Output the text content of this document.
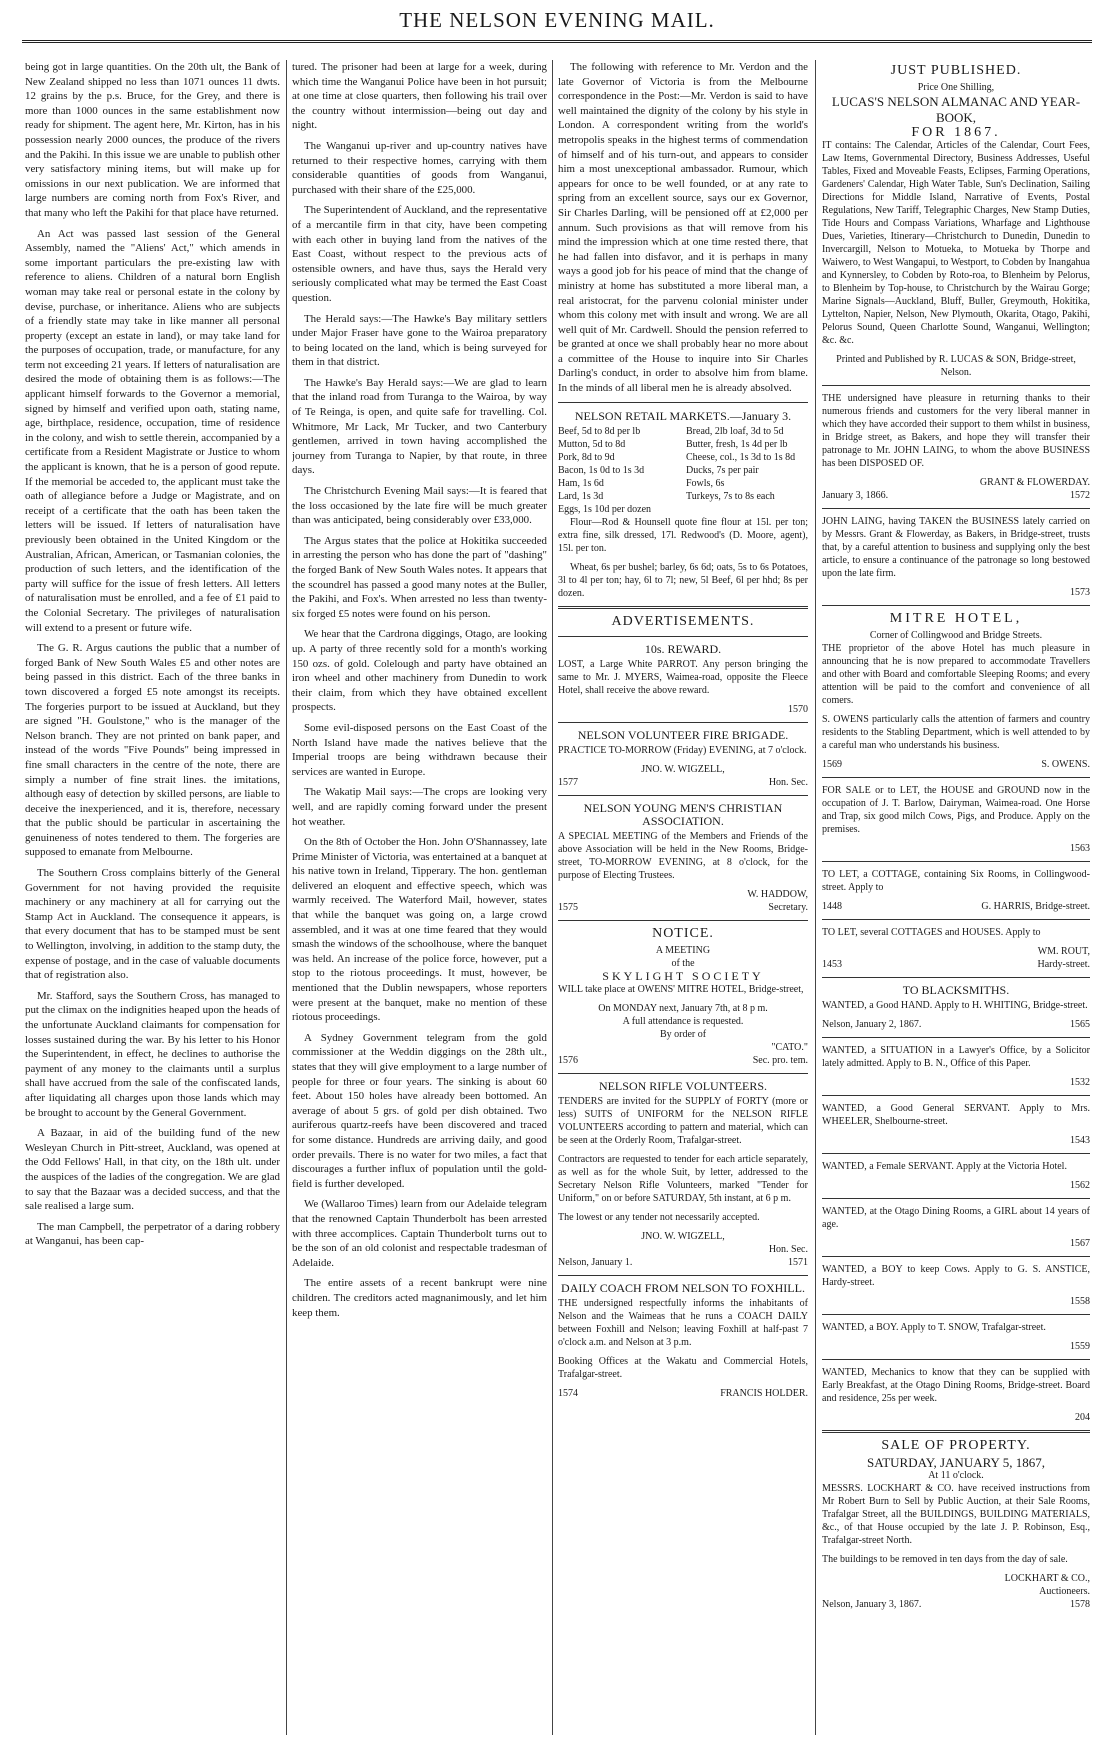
THE NELSON EVENING MAIL.

being got in large quantities. On the 20th ult, the Bank of New Zealand shipped no less than 1071 ounces 11 dwts. 12 grains by the p.s. Bruce, for the Grey, and there is more than 1000 ounces in the same establishment now ready for shipment. The agent here, Mr. Kirton, has in his possession nearly 2000 ounces, the produce of the rivers and the Pakihi. In this issue we are unable to publish other very satisfactory mining items, but will make up for omissions in our next publication. We are informed that large numbers are coming north from Fox's River, and that many who left the Pakihi for that place have returned.

An Act was passed last session of the General Assembly, named the "Aliens' Act," which amends in some important particulars the pre-existing law with reference to aliens. Children of a natural born English woman may take real or personal estate in the colony by devise, purchase, or inheritance. Aliens who are subjects of a friendly state may take in like manner all personal property (except an estate in land), or may take land for the purposes of occupation, trade, or manufacture, for any term not exceeding 21 years. If letters of naturalisation are desired the mode of obtaining them is as follows:—The applicant himself forwards to the Governor a memorial, signed by himself and verified upon oath, stating name, age, birthplace, residence, occupation, time of residence in the colony, and wish to settle therein, accompanied by a certificate from a Resident Magistrate or Justice to whom the applicant is known, that he is a person of good repute. If the memorial be acceded to, the applicant must take the oath of allegiance before a Judge or Magistrate, and on receipt of a certificate that the oath has been taken the letters will be issued. If letters of naturalisation have previously been obtained in the United Kingdom or the Australian, African, American, or Tasmanian colonies, the production of such letters, and the identification of the party will suffice for the issue of fresh letters. All letters of naturalisation must be enrolled, and a fee of £1 paid to the Colonial Secretary. The privileges of naturalisation will extend to a present or future wife.

The G. R. Argus cautions the public that a number of forged Bank of New South Wales £5 and other notes are being passed in this district. Each of the three banks in town discovered a forged £5 note amongst its receipts. The forgeries purport to be issued at Auckland, but they are signed "H. Goulstone," who is the manager of the Nelson branch. They are not printed on bank paper, and instead of the words "Five Pounds" being impressed in fine small characters in the centre of the note, there are simply a number of fine strait lines. the imitations, although easy of detection by skilled persons, are liable to deceive the inexperienced, and it is, therefore, necessary that the public should be particular in ascertaining the genuineness of notes tendered to them. The forgeries are supposed to emanate from Melbourne.

The Southern Cross complains bitterly of the General Government for not having provided the requisite machinery or any machinery at all for carrying out the Stamp Act in Auckland. The consequence it appears, is that every document that has to be stamped must be sent to Wellington, involving, in addition to the stamp duty, the expense of postage, and in the case of valuable documents that of registration also.

Mr. Stafford, says the Southern Cross, has managed to put the climax on the indignities heaped upon the heads of the unfortunate Auckland claimants for compensation for losses sustained during the war. By his letter to his Honor the Superintendent, in effect, he declines to authorise the payment of any money to the claimants until a surplus shall have accrued from the sale of the confiscated lands, after liquidating all charges upon those lands which may be brought to account by the General Government.

A Bazaar, in aid of the building fund of the new Wesleyan Church in Pitt-street, Auckland, was opened at the Odd Fellows' Hall, in that city, on the 18th ult. under the auspices of the ladies of the congregation. We are glad to say that the Bazaar was a decided success, and that the sale realised a large sum.

The man Campbell, the perpetrator of a daring robbery at Wanganui, has been cap-

tured. The prisoner had been at large for a week, during which time the Wanganui Police have been in hot pursuit; at one time at close quarters, then following his trail over the country without intermission—being out day and night.

The Wanganui up-river and up-country natives have returned to their respective homes, carrying with them considerable quantities of goods from Wanganui, purchased with their share of the £25,000.

The Superintendent of Auckland, and the representative of a mercantile firm in that city, have been competing with each other in buying land from the natives of the East Coast, without respect to the previous acts of ostensible owners, and have thus, says the Herald very seriously complicated what may be termed the East Coast question.

The Herald says:—The Hawke's Bay military settlers under Major Fraser have gone to the Wairoa preparatory to being located on the land, which is being surveyed for them in that district.

The Hawke's Bay Herald says:—We are glad to learn that the inland road from Turanga to the Wairoa, by way of Te Reinga, is open, and quite safe for travelling. Col. Whitmore, Mr Lack, Mr Tucker, and two Canterbury gentlemen, arrived in town having accomplished the journey from Turanga to Napier, by that route, in three days.

The Christchurch Evening Mail says:—It is feared that the loss occasioned by the late fire will be much greater than was anticipated, being considerably over £33,000.

The Argus states that the police at Hokitika succeeded in arresting the person who has done the part of "dashing" the forged Bank of New South Wales notes. It appears that the scoundrel has passed a good many notes at the Buller, the Pakihi, and Fox's. When arrested no less than twenty-six forged £5 notes were found on his person.

We hear that the Cardrona diggings, Otago, are looking up. A party of three recently sold for a month's working 150 ozs. of gold. Colelough and party have obtained an iron wheel and other machinery from Dunedin to work their claim, from which they have obtained excellent prospects.

Some evil-disposed persons on the East Coast of the North Island have made the natives believe that the Imperial troops are being withdrawn because their services are wanted in Europe.

The Wakatip Mail says:—The crops are looking very well, and are rapidly coming forward under the present hot weather.

On the 8th of October the Hon. John O'Shannassey, late Prime Minister of Victoria, was entertained at a banquet at his native town in Ireland, Tipperary. The hon. gentleman delivered an eloquent and effective speech, which was warmly received. The Waterford Mail, however, states that while the banquet was going on, a large crowd assembled, and it was at one time feared that they would smash the windows of the schoolhouse, where the banquet was held. An increase of the police force, however, put a stop to the riotous proceedings. It must, however, be mentioned that the Dublin newspapers, whose reporters were present at the banquet, make no mention of these riotous proceedings.

A Sydney Government telegram from the gold commissioner at the Weddin diggings on the 28th ult., states that they will give employment to a large number of people for three or four years. The sinking is about 60 feet. About 150 holes have already been bottomed. An average of about 5 grs. of gold per dish obtained. Two auriferous quartz-reefs have been discovered and traced for some distance. Hundreds are arriving daily, and good order prevails. There is no water for two miles, a fact that discourages a further influx of population until the gold-field is further developed.

We (Wallaroo Times) learn from our Adelaide telegram that the renowned Captain Thunderbolt has been arrested with three accomplices. Captain Thunderbolt turns out to be the son of an old colonist and respectable tradesman of Adelaide.

The entire assets of a recent bankrupt were nine children. The creditors acted magnanimously, and let him keep them.

The following with reference to Mr. Verdon and the late Governor of Victoria is from the Melbourne correspondence in the Post:—Mr. Verdon is said to have well maintained the dignity of the colony by his style in London. A correspondent writing from the world's metropolis speaks in the highest terms of commendation of himself and of his turn-out, and appears to consider him a most unexceptional ambassador. Rumour, which appears for once to be well founded, or at any rate to spring from an excellent source, says our ex Governor, Sir Charles Darling, will be pensioned off at £2,000 per annum. Such provisions as that will remove from his mind the impression which at one time rested there, that he had fallen into disfavor, and it is perhaps in many ways a good job for his peace of mind that the change of ministry at home has substituted a more liberal man, a real aristocrat, for the parvenu colonial minister under whom this colony met with insult and wrong. We are all well quit of Mr. Cardwell. Should the pension referred to be granted at once we shall probably hear no more about a committee of the House to inquire into Sir Charles Darling's conduct, in order to absolve him from blame. In the minds of all liberal men he is already absolved.

NELSON RETAIL MARKETS.—January 3.
Beef, 5d to 8d per lb	Bread, 2lb loaf, 3d to 5d
Mutton, 5d to 8d	Butter, fresh, 1s 4d per lb
Pork, 8d to 9d	Cheese, col., 1s 3d to 1s 8d
Bacon, 1s 0d to 1s 3d	Ducks, 7s per pair
Ham, 1s 6d	Fowls, 6s
Lard, 1s 3d	Turkeys, 7s to 8s each
Eggs, 1s 10d per dozen

Flour—Rod & Hounsell quote fine flour at 15l. per ton; extra fine, silk dressed, 17l. Redwood's (D. Moore, agent), 15l. per ton.

Wheat, 6s per bushel; barley, 6s 6d; oats, 5s to 6s Potatoes, 3l to 4l per ton; hay, 6l to 7l; new, 5l Beef, 6l per hhd; 8s per dozen.

ADVERTISEMENTS.
10s. REWARD.

LOST, a Large White PARROT. Any person bringing the same to Mr. J. MYERS, Waimea-road, opposite the Fleece Hotel, shall receive the above reward.

1570
NELSON VOLUNTEER FIRE BRIGADE.

PRACTICE TO-MORROW (Friday) EVENING, at 7 o'clock.

JNO. W. WIGZELL,
1577	Hon. Sec.
NELSON YOUNG MEN'S CHRISTIAN ASSOCIATION.

A SPECIAL MEETING of the Members and Friends of the above Association will be held in the New Rooms, Bridge-street, TO-MORROW EVENING, at 8 o'clock, for the purpose of Electing Trustees.

W. HADDOW,
1575	Secretary.
NOTICE.
A MEETING
of the
SKYLIGHT SOCIETY

WILL take place at OWENS' MITRE HOTEL, Bridge-street,

On MONDAY next, January 7th, at 8 p m.
A full attendance is requested.
By order of
"CATO."
1576	Sec. pro. tem.
NELSON RIFLE VOLUNTEERS.

TENDERS are invited for the SUPPLY of FORTY (more or less) SUITS of UNIFORM for the NELSON RIFLE VOLUNTEERS according to pattern and material, which can be seen at the Orderly Room, Trafalgar-street.

Contractors are requested to tender for each article separately, as well as for the whole Suit, by letter, addressed to the Secretary Nelson Rifle Volunteers, marked "Tender for Uniform," on or before SATURDAY, 5th instant, at 6 p m.

The lowest or any tender not necessarily accepted.

JNO. W. WIGZELL,
Hon. Sec.
Nelson, January 1.	1571
DAILY COACH FROM NELSON TO FOXHILL.

THE undersigned respectfully informs the inhabitants of Nelson and the Waimeas that he runs a COACH DAILY between Foxhill and Nelson; leaving Foxhill at half-past 7 o'clock a.m. and Nelson at 3 p.m.

Booking Offices at the Wakatu and Commercial Hotels, Trafalgar-street.

1574	FRANCIS HOLDER.
JUST PUBLISHED.
Price One Shilling,
LUCAS'S NELSON ALMANAC AND YEAR-BOOK,
FOR 1867.

IT contains: The Calendar, Articles of the Calendar, Court Fees, Law Items, Governmental Directory, Business Addresses, Useful Tables, Fixed and Moveable Feasts, Eclipses, Farming Operations, Gardeners' Calendar, High Water Table, Sun's Declination, Sailing Directions for Middle Island, Narrative of Events, Postal Regulations, New Tariff, Telegraphic Charges, New Stamp Duties, Tide Hours and Compass Variations, Wharfage and Lighthouse Dues, Varieties, Itinerary—Christchurch to Dunedin, Dunedin to Invercargill, Nelson to Motueka, to Motueka by Thorpe and Waiwero, to West Wangapui, to Westport, to Cobden by Inangahua and Kynnersley, to Cobden by Roto-roa, to Blenheim by Pelorus, to Blenheim by Top-house, to Christchurch by the Wairau Gorge; Marine Signals—Auckland, Bluff, Buller, Greymouth, Hokitika, Lyttelton, Napier, Nelson, New Plymouth, Okarita, Otago, Pakihi, Pelorus Sound, Queen Charlotte Sound, Wanganui, Wellington; &c. &c.

Printed and Published by R. LUCAS & SON, Bridge-street, Nelson.

THE undersigned have pleasure in returning thanks to their numerous friends and customers for the very liberal manner in which they have accorded their support to them whilst in business, in Bridge street, as Bakers, and hope they will transfer their patronage to Mr. JOHN LAING, to whom the above BUSINESS has been DISPOSED OF.

GRANT & FLOWERDAY.
January 3, 1866.	1572

JOHN LAING, having TAKEN the BUSINESS lately carried on by Messrs. Grant & Flowerday, as Bakers, in Bridge-street, trusts that, by a careful attention to business and supplying only the best article, to ensure a continuance of the patronage so long bestowed upon the late firm.

1573
MITRE HOTEL,
Corner of Collingwood and Bridge Streets.

THE proprietor of the above Hotel has much pleasure in announcing that he is now prepared to accommodate Travellers and other with Board and comfortable Sleeping Rooms; and every attention will be paid to the comfort and convenience of all comers.

S. OWENS particularly calls the attention of farmers and country residents to the Stabling Department, which is well attended to by a careful man who understands his business.

1569	S. OWENS.

FOR SALE or to LET, the HOUSE and GROUND now in the occupation of J. T. Barlow, Dairyman, Waimea-road. One Horse and Trap, six good milch Cows, Pigs, and Produce. Apply on the premises.

1563

TO LET, a COTTAGE, containing Six Rooms, in Collingwood-street. Apply to

1448	G. HARRIS, Bridge-street.

TO LET, several COTTAGES and HOUSES. Apply to

WM. ROUT,
1453	Hardy-street.
TO BLACKSMITHS.

WANTED, a Good HAND. Apply to H. WHITING, Bridge-street.

Nelson, January 2, 1867.	1565

WANTED, a SITUATION in a Lawyer's Office, by a Solicitor lately admitted. Apply to B. N., Office of this Paper.

1532

WANTED, a Good General SERVANT. Apply to Mrs. WHEELER, Shelbourne-street.

1543

WANTED, a Female SERVANT. Apply at the Victoria Hotel.

1562

WANTED, at the Otago Dining Rooms, a GIRL about 14 years of age.

1567

WANTED, a BOY to keep Cows. Apply to G. S. ANSTICE, Hardy-street.

1558

WANTED, a BOY. Apply to T. SNOW, Trafalgar-street.

1559

WANTED, Mechanics to know that they can be supplied with Early Breakfast, at the Otago Dining Rooms, Bridge-street. Board and residence, 25s per week.

204
SALE OF PROPERTY.
SATURDAY, JANUARY 5, 1867,
At 11 o'clock.

MESSRS. LOCKHART & CO. have received instructions from Mr Robert Burn to Sell by Public Auction, at their Sale Rooms, Trafalgar Street, all the BUILDINGS, BUILDING MATERIALS, &c., of that House occupied by the late J. P. Robinson, Esq., Trafalgar-street North.

The buildings to be removed in ten days from the day of sale.

LOCKHART & CO.,
Auctioneers.
Nelson, January 3, 1867.	1578
